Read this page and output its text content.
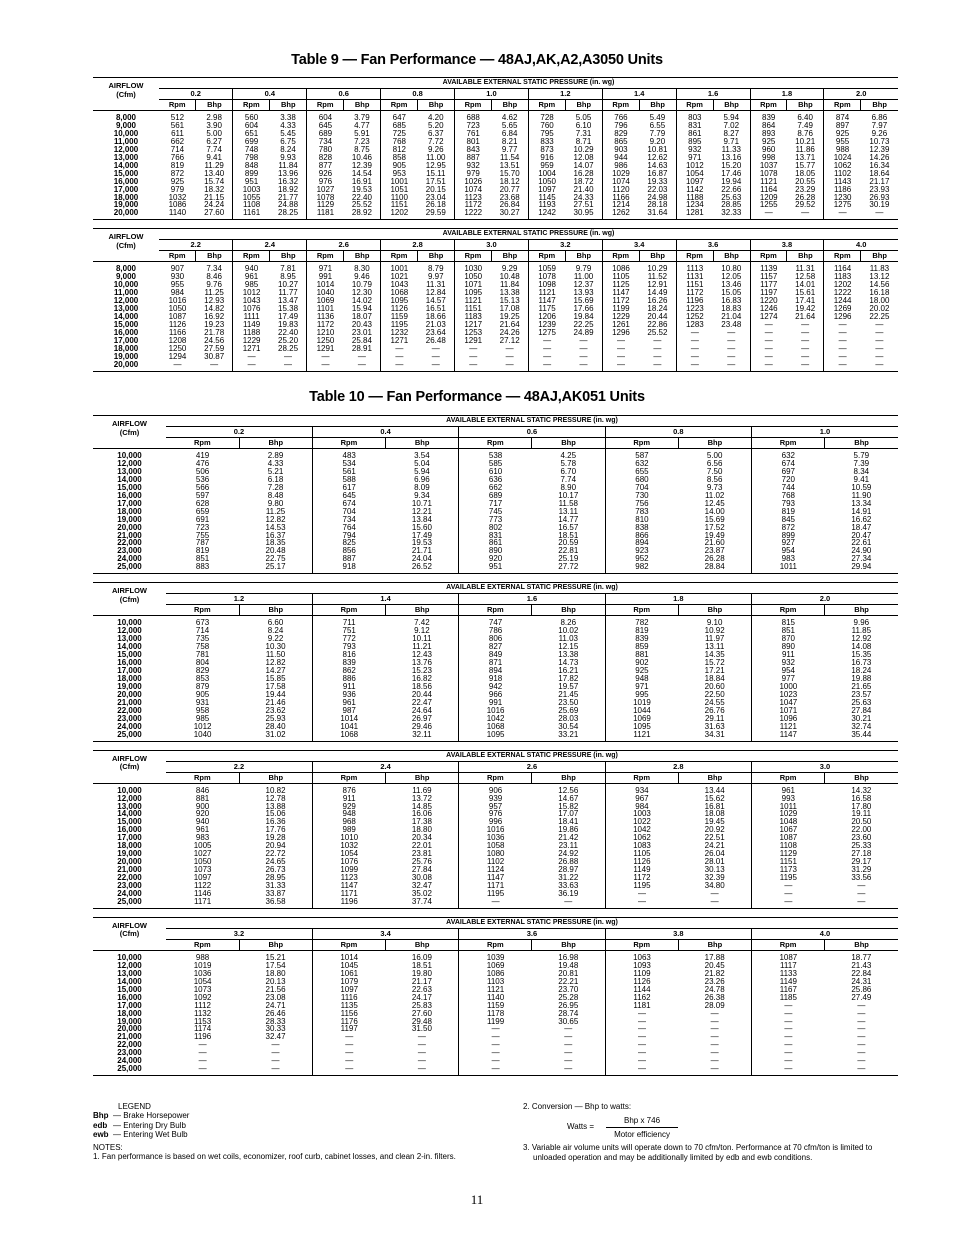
Table 9 — Fan Performance — 48AJ,AK,A2,A3050 Units
AIRFLOW
(Cfm)	AVAILABLE EXTERNAL STATIC PRESSURE (in. wg)																			
	0.2		0.4		0.6		0.8		1.0		1.2		1.4		1.6		1.8		2.0	
	Rpm	Bhp	Rpm	Bhp	Rpm	Bhp	Rpm	Bhp	Rpm	Bhp	Rpm	Bhp	Rpm	Bhp	Rpm	Bhp	Rpm	Bhp	Rpm	Bhp
8,000	512	2.98	560	3.38	604	3.79	647	4.20	688	4.62	728	5.05	766	5.49	803	5.94	839	6.40	874	6.86
9,000	561	3.90	604	4.33	645	4.77	685	5.20	723	5.65	760	6.10	796	6.55	831	7.02	864	7.49	897	7.97
10,000	611	5.00	651	5.45	689	5.91	725	6.37	761	6.84	795	7.31	829	7.79	861	8.27	893	8.76	925	9.26
11,000	662	6.27	699	6.75	734	7.23	768	7.72	801	8.21	833	8.71	865	9.20	895	9.71	925	10.21	955	10.73
12,000	714	7.74	748	8.24	780	8.75	812	9.26	843	9.77	873	10.29	903	10.81	932	11.33	960	11.86	988	12.39
13,000	766	9.41	798	9.93	828	10.46	858	11.00	887	11.54	916	12.08	944	12.62	971	13.16	998	13.71	1024	14.26
14,000	819	11.29	848	11.84	877	12.39	905	12.95	932	13.51	959	14.07	986	14.63	1012	15.20	1037	15.77	1062	16.34
15,000	872	13.40	899	13.96	926	14.54	953	15.11	979	15.70	1004	16.28	1029	16.87	1054	17.46	1078	18.05	1102	18.64
16,000	925	15.74	951	16.32	976	16.91	1001	17.51	1026	18.12	1050	18.72	1074	19.33	1097	19.94	1121	20.55	1143	21.17
17,000	979	18.32	1003	18.92	1027	19.53	1051	20.15	1074	20.77	1097	21.40	1120	22.03	1142	22.66	1164	23.29	1186	23.93
18,000	1032	21.15	1055	21.77	1078	22.40	1100	23.04	1123	23.68	1145	24.33	1166	24.98	1188	25.63	1209	26.28	1230	26.93
19,000	1086	24.24	1108	24.88	1129	25.52	1151	26.18	1172	26.84	1193	27.51	1214	28.18	1234	28.85	1255	29.52	1275	30.19
20,000	1140	27.60	1161	28.25	1181	28.92	1202	29.59	1222	30.27	1242	30.95	1262	31.64	1281	32.33	—	—	—	—

AIRFLOW
(Cfm)	AVAILABLE EXTERNAL STATIC PRESSURE (in. wg)																			
	2.2		2.4		2.6		2.8		3.0		3.2		3.4		3.6		3.8		4.0	
	Rpm	Bhp	Rpm	Bhp	Rpm	Bhp	Rpm	Bhp	Rpm	Bhp	Rpm	Bhp	Rpm	Bhp	Rpm	Bhp	Rpm	Bhp	Rpm	Bhp
8,000	907	7.34	940	7.81	971	8.30	1001	8.79	1030	9.29	1059	9.79	1086	10.29	1113	10.80	1139	11.31	1164	11.83
9,000	930	8.46	961	8.95	991	9.46	1021	9.97	1050	10.48	1078	11.00	1105	11.52	1131	12.05	1157	12.58	1183	13.12
10,000	955	9.76	985	10.27	1014	10.79	1043	11.31	1071	11.84	1098	12.37	1125	12.91	1151	13.46	1177	14.01	1202	14.56
11,000	984	11.25	1012	11.77	1040	12.30	1068	12.84	1095	13.38	1121	13.93	1147	14.49	1172	15.05	1197	15.61	1222	16.18
12,000	1016	12.93	1043	13.47	1069	14.02	1095	14.57	1121	15.13	1147	15.69	1172	16.26	1196	16.83	1220	17.41	1244	18.00
13,000	1050	14.82	1076	15.38	1101	15.94	1126	16.51	1151	17.08	1175	17.66	1199	18.24	1223	18.83	1246	19.42	1269	20.02
14,000	1087	16.92	1111	17.49	1136	18.07	1159	18.66	1183	19.25	1206	19.84	1229	20.44	1252	21.04	1274	21.64	1296	22.25
15,000	1126	19.23	1149	19.83	1172	20.43	1195	21.03	1217	21.64	1239	22.25	1261	22.86	1283	23.48	—	—	—	—
16,000	1166	21.78	1188	22.40	1210	23.01	1232	23.64	1253	24.26	1275	24.89	1296	25.52	—	—	—	—	—	—
17,000	1208	24.56	1229	25.20	1250	25.84	1271	26.48	1291	27.12	—	—	—	—	—	—	—	—	—	—
18,000	1250	27.59	1271	28.25	1291	28.91	—	—	—	—	—	—	—	—	—	—	—	—	—	—
19,000	1294	30.87	—	—	—	—	—	—	—	—	—	—	—	—	—	—	—	—	—	—
20,000	—	—	—	—	—	—	—	—	—	—	—	—	—	—	—	—	—	—	—	—
Table 10 — Fan Performance — 48AJ,AK051 Units
AIRFLOW
(Cfm)	AVAILABLE EXTERNAL STATIC PRESSURE (in. wg)									
	0.2		0.4		0.6		0.8		1.0	
	Rpm	Bhp	Rpm	Bhp	Rpm	Bhp	Rpm	Bhp	Rpm	Bhp
10,000	419	2.89	483	3.54	538	4.25	587	5.00	632	5.79
12,000	476	4.33	534	5.04	585	5.78	632	6.56	674	7.39
13,000	506	5.21	561	5.94	610	6.70	655	7.50	697	8.34
14,000	536	6.18	588	6.96	636	7.74	680	8.56	720	9.41
15,000	566	7.28	617	8.09	662	8.90	704	9.73	744	10.59
16,000	597	8.48	645	9.34	689	10.17	730	11.02	768	11.90
17,000	628	9.80	674	10.71	717	11.58	756	12.45	793	13.34
18,000	659	11.25	704	12.21	745	13.11	783	14.00	819	14.91
19,000	691	12.82	734	13.84	773	14.77	810	15.69	845	16.62
20,000	723	14.53	764	15.60	802	16.57	838	17.52	872	18.47
21,000	755	16.37	794	17.49	831	18.51	866	19.49	899	20.47
22,000	787	18.35	825	19.53	861	20.59	894	21.60	927	22.61
23,000	819	20.48	856	21.71	890	22.81	923	23.87	954	24.90
24,000	851	22.75	887	24.04	920	25.19	952	26.28	983	27.34
25,000	883	25.17	918	26.52	951	27.72	982	28.84	1011	29.94

AIRFLOW
(Cfm)	AVAILABLE EXTERNAL STATIC PRESSURE (in. wg)									
	1.2		1.4		1.6		1.8		2.0	
	Rpm	Bhp	Rpm	Bhp	Rpm	Bhp	Rpm	Bhp	Rpm	Bhp
10,000	673	6.60	711	7.42	747	8.26	782	9.10	815	9.96
12,000	714	8.24	751	9.12	786	10.02	819	10.92	851	11.85
13,000	735	9.22	772	10.11	806	11.03	839	11.97	870	12.92
14,000	758	10.30	793	11.21	827	12.15	859	13.11	890	14.08
15,000	781	11.50	816	12.43	849	13.38	881	14.35	911	15.35
16,000	804	12.82	839	13.76	871	14.73	902	15.72	932	16.73
17,000	829	14.27	862	15.23	894	16.21	925	17.21	954	18.24
18,000	853	15.85	886	16.82	918	17.82	948	18.84	977	19.88
19,000	879	17.58	911	18.56	942	19.57	971	20.60	1000	21.65
20,000	905	19.44	936	20.44	966	21.45	995	22.50	1023	23.57
21,000	931	21.46	961	22.47	991	23.50	1019	24.55	1047	25.63
22,000	958	23.62	987	24.64	1016	25.69	1044	26.76	1071	27.84
23,000	985	25.93	1014	26.97	1042	28.03	1069	29.11	1096	30.21
24,000	1012	28.40	1041	29.46	1068	30.54	1095	31.63	1121	32.74
25,000	1040	31.02	1068	32.11	1095	33.21	1121	34.31	1147	35.44

AIRFLOW
(Cfm)	AVAILABLE EXTERNAL STATIC PRESSURE (in. wg)									
	2.2		2.4		2.6		2.8		3.0	
	Rpm	Bhp	Rpm	Bhp	Rpm	Bhp	Rpm	Bhp	Rpm	Bhp
10,000	846	10.82	876	11.69	906	12.56	934	13.44	961	14.32
12,000	881	12.78	911	13.72	939	14.67	967	15.62	993	16.58
13,000	900	13.88	929	14.85	957	15.82	984	16.81	1011	17.80
14,000	920	15.06	948	16.06	976	17.07	1003	18.08	1029	19.11
15,000	940	16.36	968	17.38	996	18.41	1022	19.45	1048	20.50
16,000	961	17.76	989	18.80	1016	19.86	1042	20.92	1067	22.00
17,000	983	19.28	1010	20.34	1036	21.42	1062	22.51	1087	23.60
18,000	1005	20.94	1032	22.01	1058	23.11	1083	24.21	1108	25.33
19,000	1027	22.72	1054	23.81	1080	24.92	1105	26.04	1129	27.18
20,000	1050	24.65	1076	25.76	1102	26.88	1126	28.01	1151	29.17
21,000	1073	26.73	1099	27.84	1124	28.97	1149	30.13	1173	31.29
22,000	1097	28.95	1123	30.08	1147	31.22	1172	32.39	1195	33.56
23,000	1122	31.33	1147	32.47	1171	33.63	1195	34.80	—	—
24,000	1146	33.87	1171	35.02	1195	36.19	—	—	—	—
25,000	1171	36.58	1196	37.74	—	—	—	—	—	—

AIRFLOW
(Cfm)	AVAILABLE EXTERNAL STATIC PRESSURE (in. wg)									
	3.2		3.4		3.6		3.8		4.0	
	Rpm	Bhp	Rpm	Bhp	Rpm	Bhp	Rpm	Bhp	Rpm	Bhp
10,000	988	15.21	1014	16.09	1039	16.98	1063	17.88	1087	18.77
12,000	1019	17.54	1045	18.51	1069	19.48	1093	20.45	1117	21.43
13,000	1036	18.80	1061	19.80	1086	20.81	1109	21.82	1133	22.84
14,000	1054	20.13	1079	21.17	1103	22.21	1126	23.26	1149	24.31
15,000	1073	21.56	1097	22.63	1121	23.70	1144	24.78	1167	25.86
16,000	1092	23.08	1116	24.17	1140	25.28	1162	26.38	1185	27.49
17,000	1112	24.71	1135	25.83	1159	26.95	1181	28.09	—	—
18,000	1132	26.46	1156	27.60	1178	28.74	—	—	—	—
19,000	1153	28.33	1176	29.48	1199	30.65	—	—	—	—
20,000	1174	30.33	1197	31.50	—	—	—	—	—	—
21,000	1196	32.47	—	—	—	—	—	—	—	—
22,000	—	—	—	—	—	—	—	—	—	—
23,000	—	—	—	—	—	—	—	—	—	—
24,000	—	—	—	—	—	—	—	—	—	—
25,000	—	—	—	—	—	—	—	—	—	—
LEGEND
Bhp — Brake Horsepower
edb — Entering Dry Bulb
ewb — Entering Wet Bulb
NOTES:
1. Fan performance is based on wet coils, economizer, roof curb, cabinet losses, and clean 2-in. filters.
2. Conversion — Bhp to watts:
Watts =
Bhp x 746
Motor efficiency
3. Variable air volume units will operate down to 70 cfm/ton. Performance at 70 cfm/ton is limited to unloaded operation and may be additionally limited by edb and ewb conditions.
11
